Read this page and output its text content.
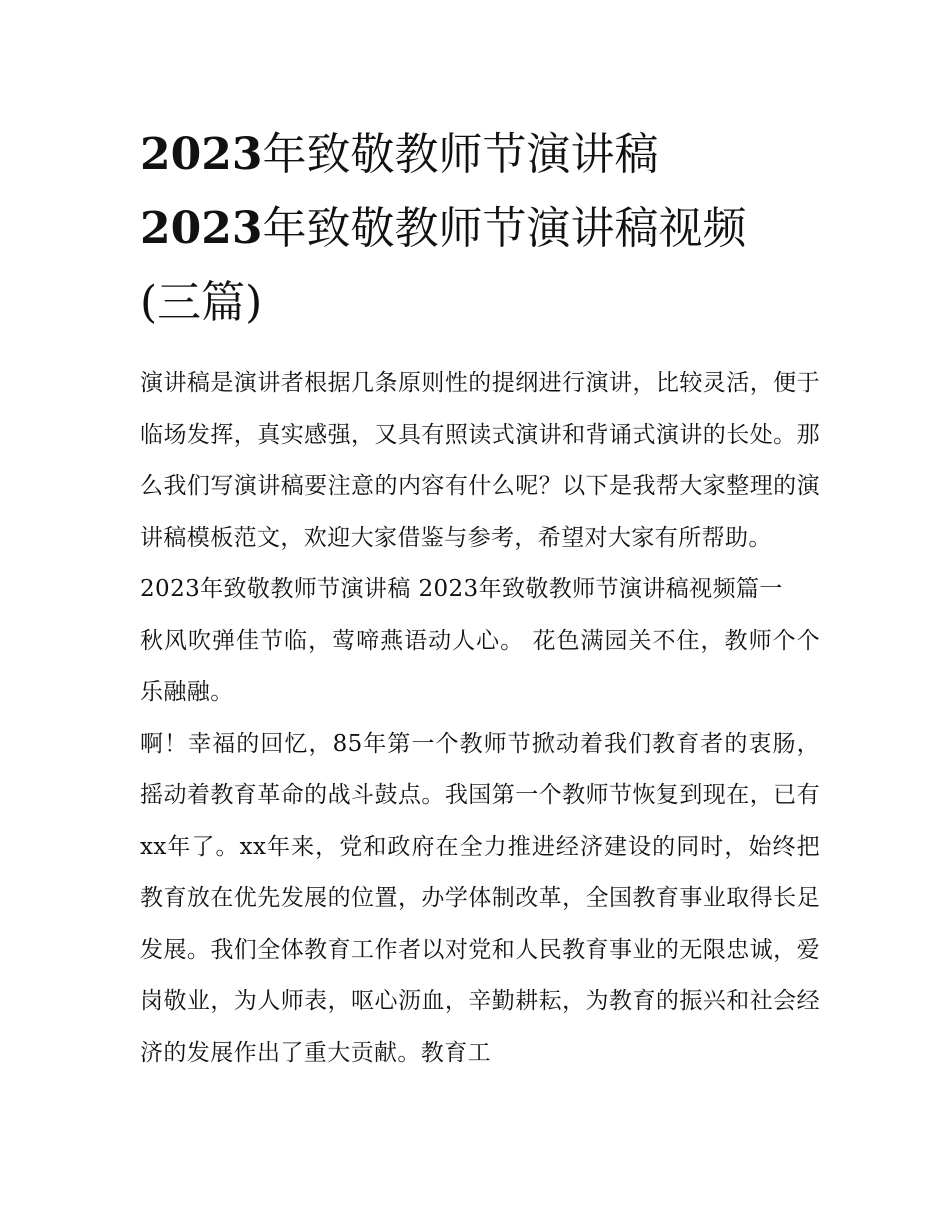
2023年致敬教师节演讲稿
2023年致敬教师节演讲稿视频
(三篇)

演讲稿是演讲者根据几条原则性的提纲进行演讲，比较灵活，便于临场发挥，真实感强，又具有照读式演讲和背诵式演讲的长处。那么我们写演讲稿要注意的内容有什么呢？以下是我帮大家整理的演讲稿模板范文，欢迎大家借鉴与参考，希望对大家有所帮助。

2023年致敬教师节演讲稿 2023年致敬教师节演讲稿视频篇一

秋风吹弹佳节临，莺啼燕语动人心。 花色满园关不住，教师个个乐融融。

啊！幸福的回忆，85年第一个教师节掀动着我们教育者的衷肠，摇动着教育革命的战斗鼓点。我国第一个教师节恢复到现在，已有xx年了。xx年来，党和政府在全力推进经济建设的同时，始终把教育放在优先发展的位置，办学体制改革，全国教育事业取得长足发展。我们全体教育工作者以对党和人民教育事业的无限忠诚，爱岗敬业，为人师表，呕心沥血，辛勤耕耘，为教育的振兴和社会经济的发展作出了重大贡献。教育工
